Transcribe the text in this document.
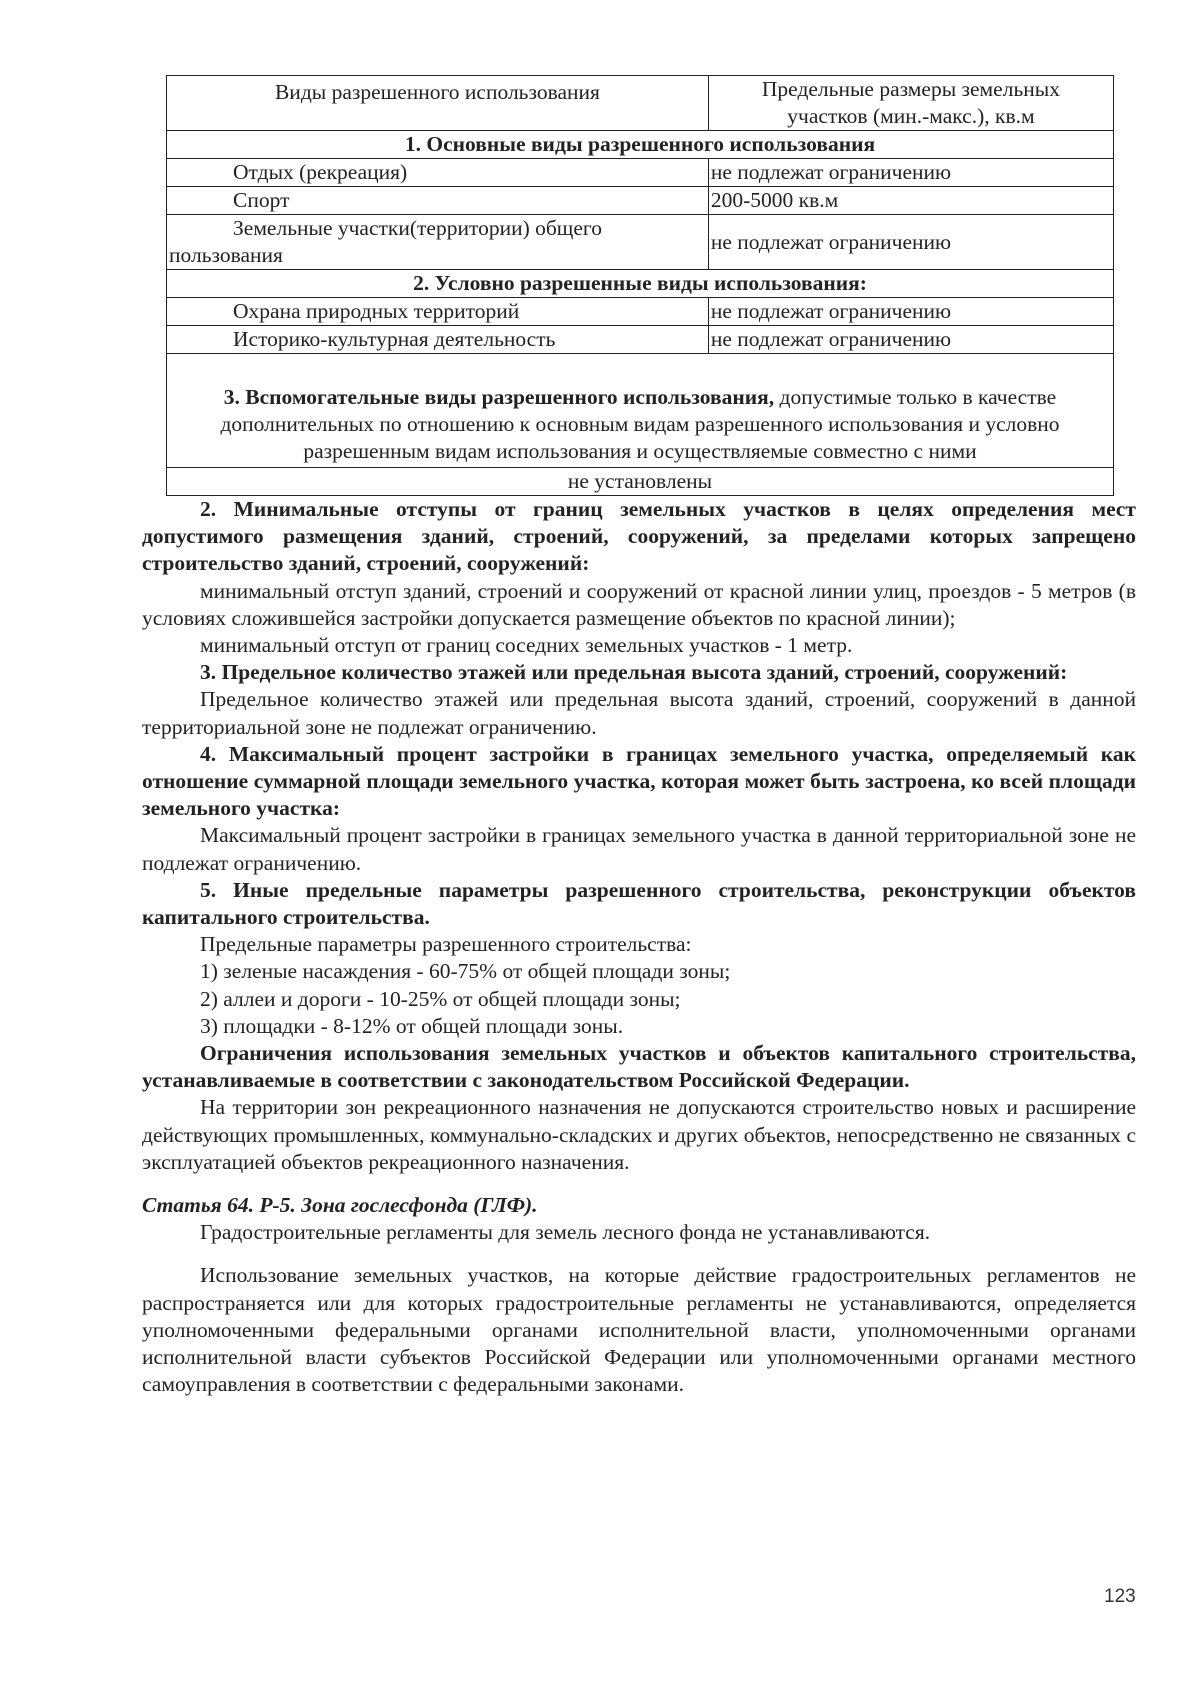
Виды разрешенного использования	Предельные размеры земельных
участков (мин.-макс.), кв.м
1. Основные виды разрешенного использования	
Отдых (рекреация)	не подлежат ограничению
Спорт	200-5000 кв.м
Земельные участки(территории) общего пользования	не подлежат ограничению
2. Условно разрешенные виды использования:	
Охрана природных территорий	не подлежат ограничению
Историко-культурная деятельность	не подлежат ограничению
3. Вспомогательные виды разрешенного использования, допустимые только в качестве дополнительных по отношению к основным видам разрешенного использования и условно разрешенным видам использования и осуществляемые совместно с ними	
не установлены	

2. Минимальные отступы от границ земельных участков в целях определения мест допустимого размещения зданий, строений, сооружений, за пределами которых запрещено строительство зданий, строений, сооружений:

минимальный отступ зданий, строений и сооружений от красной линии улиц, проездов - 5 метров (в условиях сложившейся застройки допускается размещение объектов по красной линии);

минимальный отступ от границ соседних земельных участков - 1 метр.

3. Предельное количество этажей или предельная высота зданий, строений, сооружений:

Предельное количество этажей или предельная высота зданий, строений, сооружений в данной территориальной зоне не подлежат ограничению.

4. Максимальный процент застройки в границах земельного участка, определяемый как отношение суммарной площади земельного участка, которая может быть застроена, ко всей площади земельного участка:

Максимальный процент застройки в границах земельного участка в данной территориальной зоне не подлежат ограничению.

5. Иные предельные параметры разрешенного строительства, реконструкции объектов капитального строительства.

Предельные параметры разрешенного строительства:

1) зеленые насаждения - 60-75% от общей площади зоны;

2) аллеи и дороги - 10-25% от общей площади зоны;

3) площадки - 8-12% от общей площади зоны.

Ограничения использования земельных участков и объектов капитального строительства, устанавливаемые в соответствии с законодательством Российской Федерации.

На территории зон рекреационного назначения не допускаются строительство новых и расширение действующих промышленных, коммунально-складских и других объектов, непосредственно не связанных с эксплуатацией объектов рекреационного назначения.

Статья 64. Р-5. Зона гослесфонда (ГЛФ).

Градостроительные регламенты для земель лесного фонда не устанавливаются.

Использование земельных участков, на которые действие градостроительных регламентов не распространяется или для которых градостроительные регламенты не устанавливаются, определяется уполномоченными федеральными органами исполнительной власти, уполномоченными органами исполнительной власти субъектов Российской Федерации или уполномоченными органами местного самоуправления в соответствии с федеральными законами.

123
